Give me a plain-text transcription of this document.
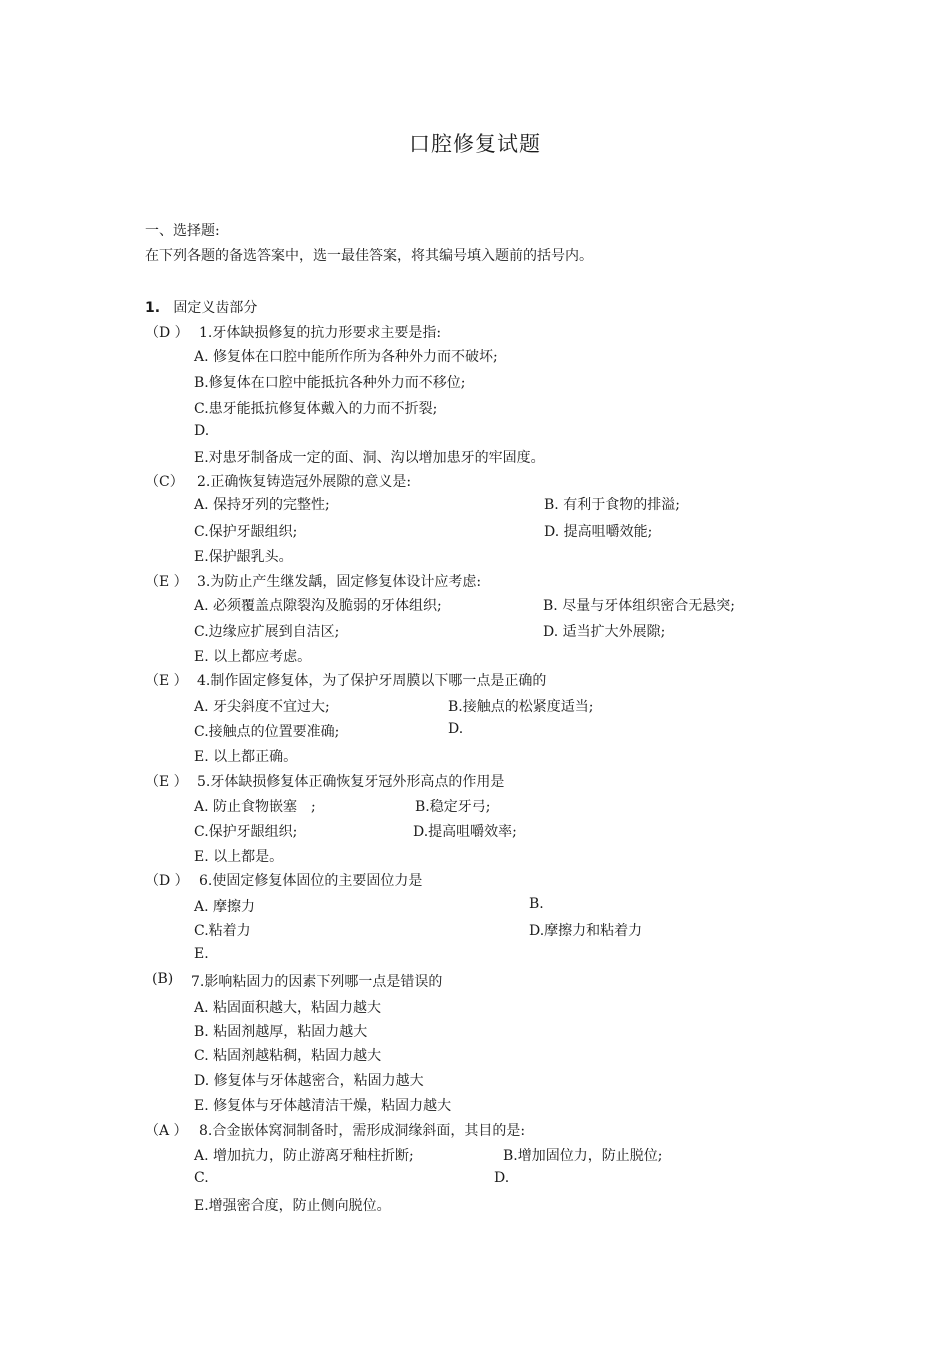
口腔修复试题
一、选择题:
在下列各题的备选答案中，选一最佳答案，将其编号填入题前的括号内。
1. 固定义齿部分
（D ） 1.牙体缺损修复的抗力形要求主要是指:
A. 修复体在口腔中能所作所为各种外力而不破坏;
B.修复体在口腔中能抵抗各种外力而不移位;
C.患牙能抵抗修复体戴入的力而不折裂;
D.
E.对患牙制备成一定的面、洞、沟以增加患牙的牢固度。
（C） 2.正确恢复铸造冠外展隙的意义是:
A. 保持牙列的完整性;	B. 有利于食物的排溢;
C.保护牙龈组织;	D. 提高咀嚼效能;
E.保护龈乳头。
（E ） 3.为防止产生继发龋，固定修复体设计应考虑:
A. 必须覆盖点隙裂沟及脆弱的牙体组织;	B. 尽量与牙体组织密合无悬突;
C.边缘应扩展到自洁区;	D. 适当扩大外展隙;
E. 以上都应考虑。
（E ） 4.制作固定修复体，为了保护牙周膜以下哪一点是正确的
A. 牙尖斜度不宜过大;	B.接触点的松紧度适当;
C.接触点的位置要准确;	D.
E. 以上都正确。
（E ） 5.牙体缺损修复体正确恢复牙冠外形高点的作用是
A. 防止食物嵌塞　;	B.稳定牙弓;
C.保护牙龈组织;	D.提高咀嚼效率;
E. 以上都是。
（D ） 6.使固定修复体固位的主要固位力是
A. 摩擦力	B.
C.粘着力	D.摩擦力和粘着力
E.
(B) 7.影响粘固力的因素下列哪一点是错误的
A. 粘固面积越大，粘固力越大
B. 粘固剂越厚，粘固力越大
C. 粘固剂越粘稠，粘固力越大
D. 修复体与牙体越密合，粘固力越大
E. 修复体与牙体越清洁干燥，粘固力越大
（A ） 8.合金嵌体窝洞制备时，需形成洞缘斜面，其目的是:
A. 增加抗力，防止游离牙釉柱折断;	B.增加固位力，防止脱位;
C.	D.
E.增强密合度，防止侧向脱位。
